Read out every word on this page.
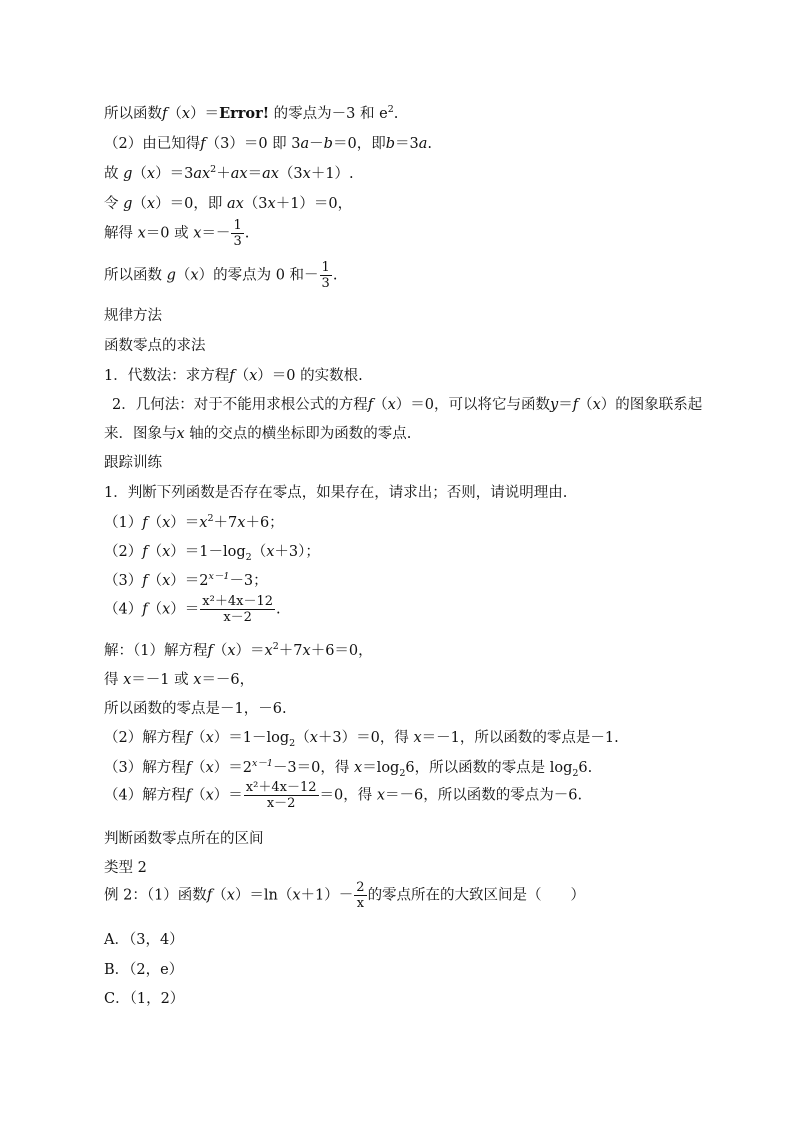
所以函数f（x）＝Error! 的零点为－3 和 $e^2$.
（2）由已知得f（3）＝0 即 3a－b＝0，即b＝3a.
故 $g(x)=3ax^2+ax=ax(3x+1)$.
令 g（x）＝0，即 ax（3x＋1）＝0，
解得 x＝0 或 $x=- \frac{1}{3}$ .
所以函数 g（x）的零点为 0 和－ $\frac{1}{3}$ .
规律方法
函数零点的求法
1．代数法：求方程f（x）＝0 的实数根.
2．几何法：对于不能用求根公式的方程f（x）＝0，可以将它与函数y＝f（x）的图象联系起来．图象与x 轴的交点的横坐标即为函数的零点.
跟踪训练
1．判断下列函数是否存在零点，如果存在，请求出；否则，请说明理由.
$(1)f(x)=x^2+7x+6$；
$(2)f(x)=1-\log_2(x+3)$；
$(3)f(x)=2^{x-1}-3$；
$(4)f(x)= \frac{\text{x²＋4x－12}}{x-2}$ .
解：（1）解方程$f(x)=x^2+7x+6=0$，
得 x＝－1 或 x＝－6，
所以函数的零点是－1，－6.
（2）解方程$f(x)=1-\log_2(x+3)=0$，得 x＝－1，所以函数的零点是－1.
（3）解方程$f(x)=2^{x-1}-3=0$，得 $x=\log_26$，所以函数的零点是 $\log_26$.
（4）解方程$f(x)= \frac{\text{x²＋4x－12}}{x-2} =0$，得 x＝－6，所以函数的零点为－6.
判断函数零点所在的区间
类型 2
例 2：（1）函数$f(x)=\ln(x+1)- \frac{2}{x}$ 的零点所在的大致区间是（　　）
A．（3，4）
B．（2，e）
C．（1，2）
